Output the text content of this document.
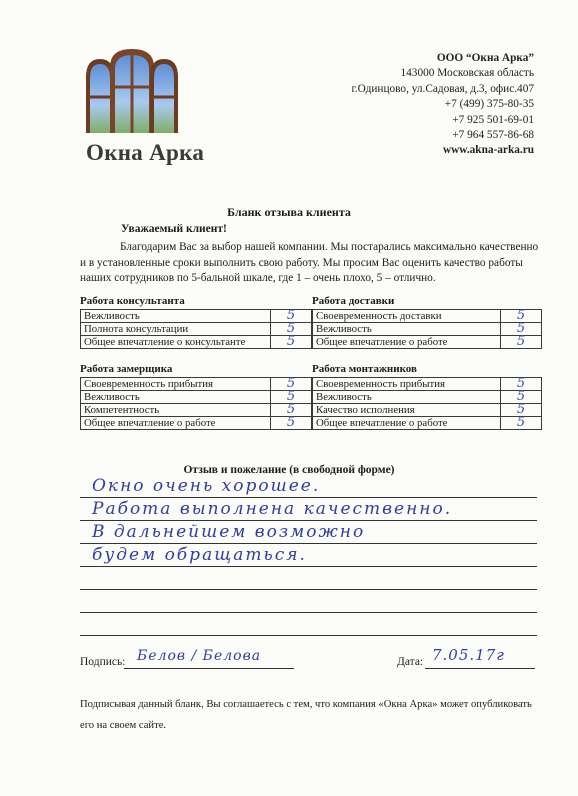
Окна Арка
ООО “Окна Арка”
143000 Московская область
г.Одинцово, ул.Садовая, д.3, офис.407
+7 (499) 375-80-35
+7 925 501-69-01
+7 964 557-86-68
www.akna-arka.ru
Бланк отзыва клиента
Уважаемый клиент!
Благодарим Вас за выбор нашей компании. Мы постарались максимально качественно и в установленные сроки выполнить свою работу. Мы просим Вас оценить качество работы наших сотрудников по 5-бальной шкале, где 1 – очень плохо, 5 – отлично.
Работа консультанта
Вежливость	5
Полнота консультации	5
Общее впечатление о консультанте	5
Работа доставки
Своевременность доставки	5
Вежливость	5
Общее впечатление о работе	5
Работа замерщика
Своевременность прибытия	5
Вежливость	5
Компетентность	5
Общее впечатление о работе	5
Работа монтажников
Своевременность прибытия	5
Вежливость	5
Качество исполнения	5
Общее впечатление о работе	5
Отзыв и пожелание (в свободной форме)
Окно очень хорошее.
Работа выполнена качественно.
В дальнейшем возможно
будем обращаться.
Подпись: Белов / Белова	Дата: 7.05.17г
Подписывая данный бланк, Вы соглашаетесь с тем, что компания «Окна Арка» может опубликовать его на своем сайте.
